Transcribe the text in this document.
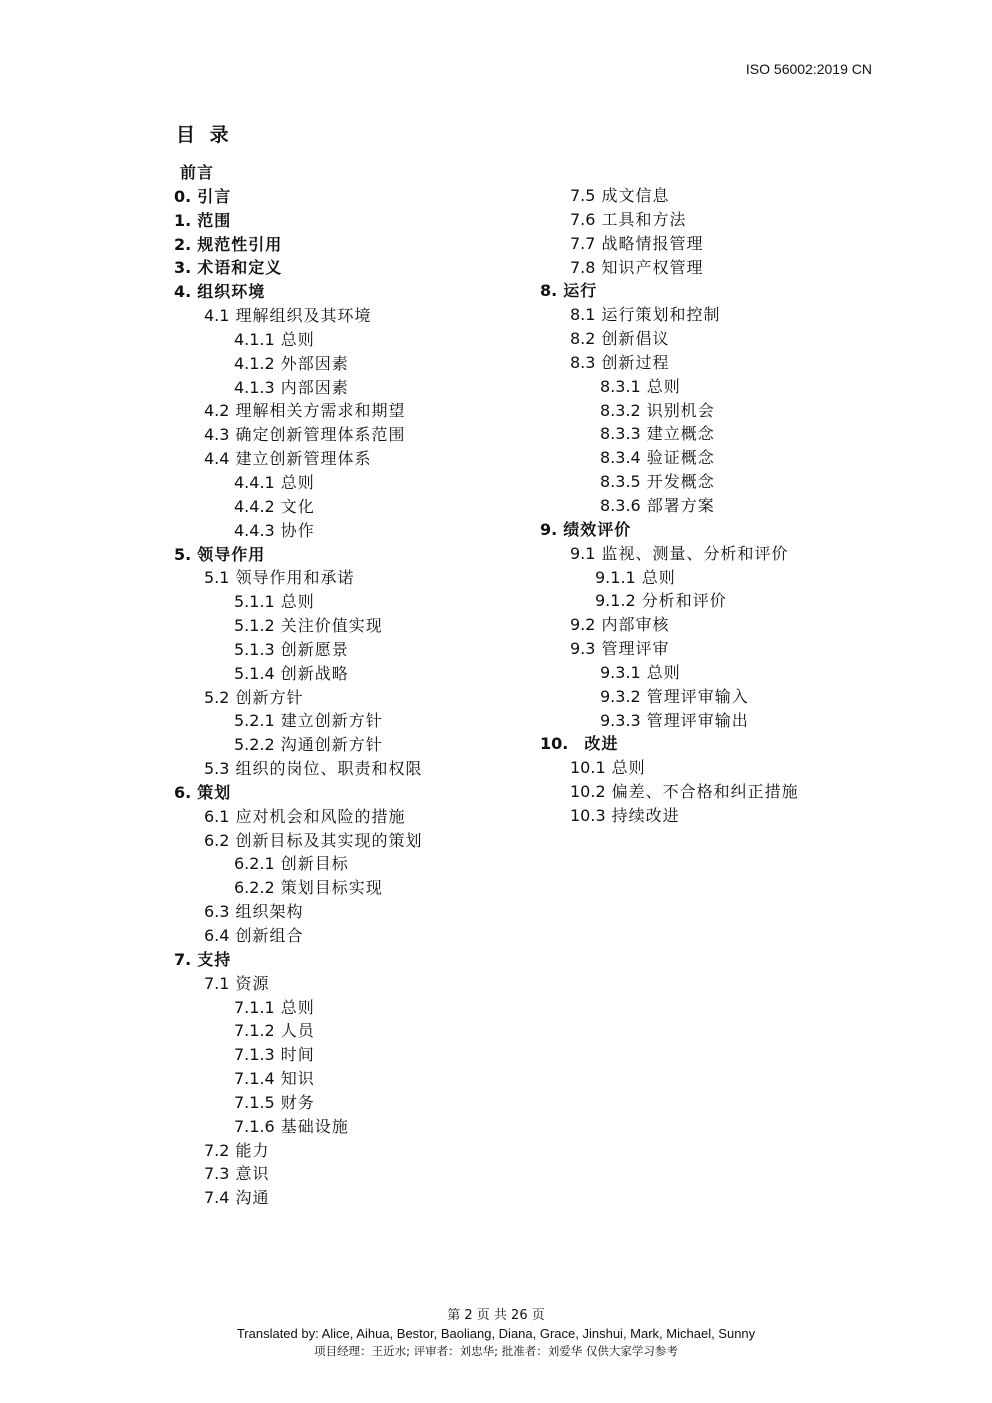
ISO 56002:2019 CN
目 录
前言
0. 引言
1. 范围
2. 规范性引用
3. 术语和定义
4. 组织环境
4.1 理解组织及其环境
4.1.1 总则
4.1.2 外部因素
4.1.3 内部因素
4.2 理解相关方需求和期望
4.3 确定创新管理体系范围
4.4 建立创新管理体系
4.4.1 总则
4.4.2 文化
4.4.3 协作
5. 领导作用
5.1 领导作用和承诺
5.1.1 总则
5.1.2 关注价值实现
5.1.3 创新愿景
5.1.4 创新战略
5.2 创新方针
5.2.1 建立创新方针
5.2.2 沟通创新方针
5.3 组织的岗位、职责和权限
6. 策划
6.1 应对机会和风险的措施
6.2 创新目标及其实现的策划
6.2.1 创新目标
6.2.2 策划目标实现
6.3 组织架构
6.4 创新组合
7. 支持
7.1 资源
7.1.1 总则
7.1.2 人员
7.1.3 时间
7.1.4 知识
7.1.5 财务
7.1.6 基础设施
7.2 能力
7.3 意识
7.4 沟通
7.5 成文信息
7.6 工具和方法
7.7 战略情报管理
7.8 知识产权管理
8. 运行
8.1 运行策划和控制
8.2 创新倡议
8.3 创新过程
8.3.1 总则
8.3.2 识别机会
8.3.3 建立概念
8.3.4 验证概念
8.3.5 开发概念
8.3.6 部署方案
9. 绩效评价
9.1 监视、测量、分析和评价
9.1.1 总则
9.1.2 分析和评价
9.2 内部审核
9.3 管理评审
9.3.1 总则
9.3.2 管理评审输入
9.3.3 管理评审输出
10. 改进
10.1 总则
10.2 偏差、不合格和纠正措施
10.3 持续改进
第 2 页 共 26 页
Translated by: Alice, Aihua, Bestor, Baoliang, Diana, Grace, Jinshui, Mark, Michael, Sunny
项目经理：王近水; 评审者：刘忠华; 批准者：刘爱华 仅供大家学习参考
